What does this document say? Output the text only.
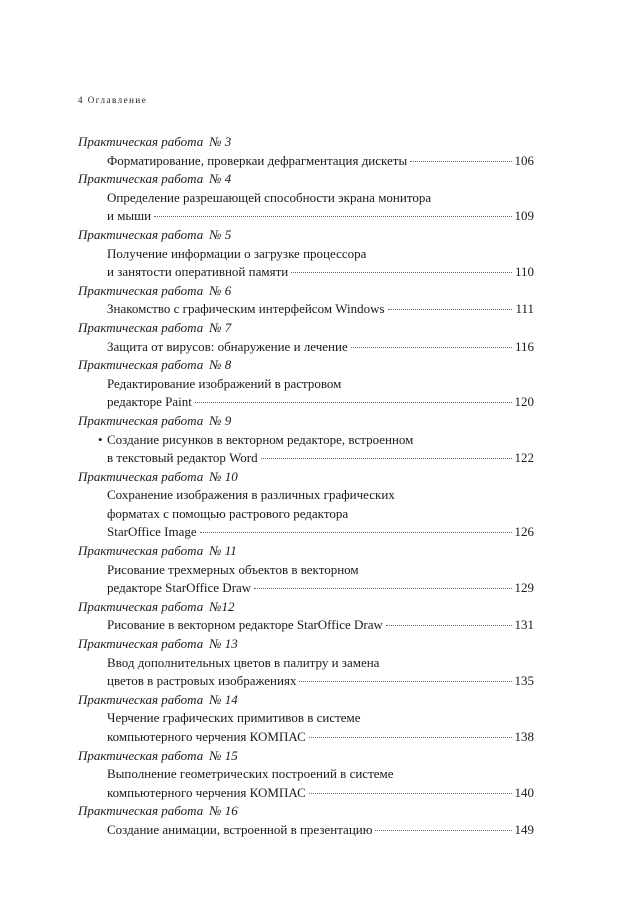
4 Оглавление
Практическая работа № 3
Форматирование, проверкаи дефрагментация дискеты	106
Практическая работа № 4
Определение разрешающей способности экрана монитора
и мыши	109
Практическая работа № 5
Получение информации о загрузке процессора
и занятости оперативной памяти	110
Практическая работа № 6
Знакомство с графическим интерфейсом Windows	111
Практическая работа № 7
Защита от вирусов: обнаружение и лечение	116
Практическая работа № 8
Редактирование изображений в растровом
редакторе Paint	120
Практическая работа № 9
• Создание рисунков в векторном редакторе, встроенном
в текстовый редактор Word	122
Практическая работа № 10
Сохранение изображения в различных графических
форматах с помощью растрового редактора
StarOffice Image	126
Практическая работа № 11
Рисование трехмерных объектов в векторном
редакторе StarOffice Draw	129
Практическая работа №12
Рисование в векторном редакторе StarOffice Draw	131
Практическая работа № 13
Ввод дополнительных цветов в палитру и замена
цветов в растровых изображениях	135
Практическая работа № 14
Черчение графических примитивов в системе
компьютерного черчения КОМПАС	138
Практическая работа № 15
Выполнение геометрических построений в системе
компьютерного черчения КОМПАС	140
Практическая работа № 16
Создание анимации, встроенной в презентацию	149
